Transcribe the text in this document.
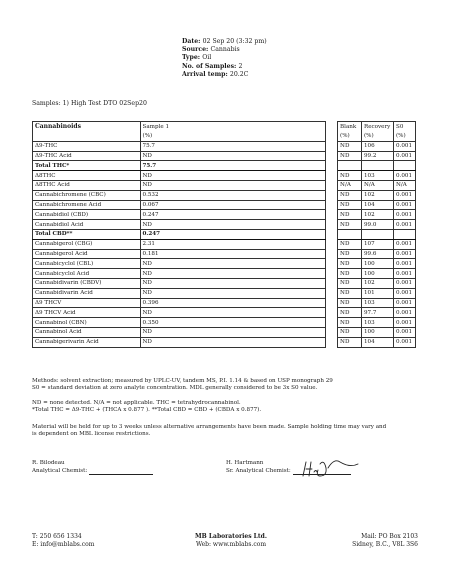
Date: 02 Sep 20 (3:32 pm)
Source: Cannabis
Type: Oil
No. of Samples: 2
Arrival temp: 20.2C
Samples: 1) High Test DTO 02Sep20
Cannabinoids	Sample 1		Blank	Recovery	S0
	(%)		(%)	(%)	(%)
Δ9-THC	75.7		ND	106	0.001
Δ9-THC Acid	ND		ND	99.2	0.001
Total THC*	75.7				
Δ8THC	ND		ND	103	0.001
Δ8THC Acid	ND		N/A	N/A	N/A
Cannabichromene (CBC)	0.532		ND	102	0.001
Cannabichromene Acid	0.067		ND	104	0.001
Cannabidiol (CBD)	0.247		ND	102	0.001
Cannabidiol Acid	ND		ND	99.0	0.001
Total CBD**	0.247				
Cannabigerol (CBG)	2.31		ND	107	0.001
Cannabigerol Acid	0.181		ND	99.6	0.001
Cannabicyclol (CBL)	ND		ND	100	0.001
Cannabicyclol Acid	ND		ND	100	0.001
Cannabidivarin (CBDV)	ND		ND	102	0.001
Cannabidivarin Acid	ND		ND	101	0.001
Δ9 THCV	0.396		ND	103	0.001
Δ9 THCV Acid	ND		ND	97.7	0.001
Cannabinol (CBN)	0.350		ND	103	0.001
Cannabinol Acid	ND		ND	100	0.001
Cannabigerivarin Acid	ND		ND	104	0.001
Methods: solvent extraction; measured by UPLC-UV, tandem MS, P.I. 1.14 & based on USP monograph 29
S0 = standard deviation at zero analyte concentration. MDL generally considered to be 3x S0 value.
ND = none detected. N/A = not applicable. THC = tetrahydrocannabinol.
*Total THC = Δ9-THC + (THCA x 0.877 ). **Total CBD = CBD + (CBDA x 0.877).
Material will be held for up to 3 weeks unless alternative arrangements have been made. Sample holding time may vary and
is dependent on MBL license restrictions.
R. Bilodeau
Analytical Chemist:
H. Hartmann
Sr. Analytical Chemist:
T: 250 656 1334
E: info@mblabs.com
MB Laboratories Ltd.
Web: www.mblabs.com
Mail: PO Box 2103
Sidney, B.C., V8L 3S6
